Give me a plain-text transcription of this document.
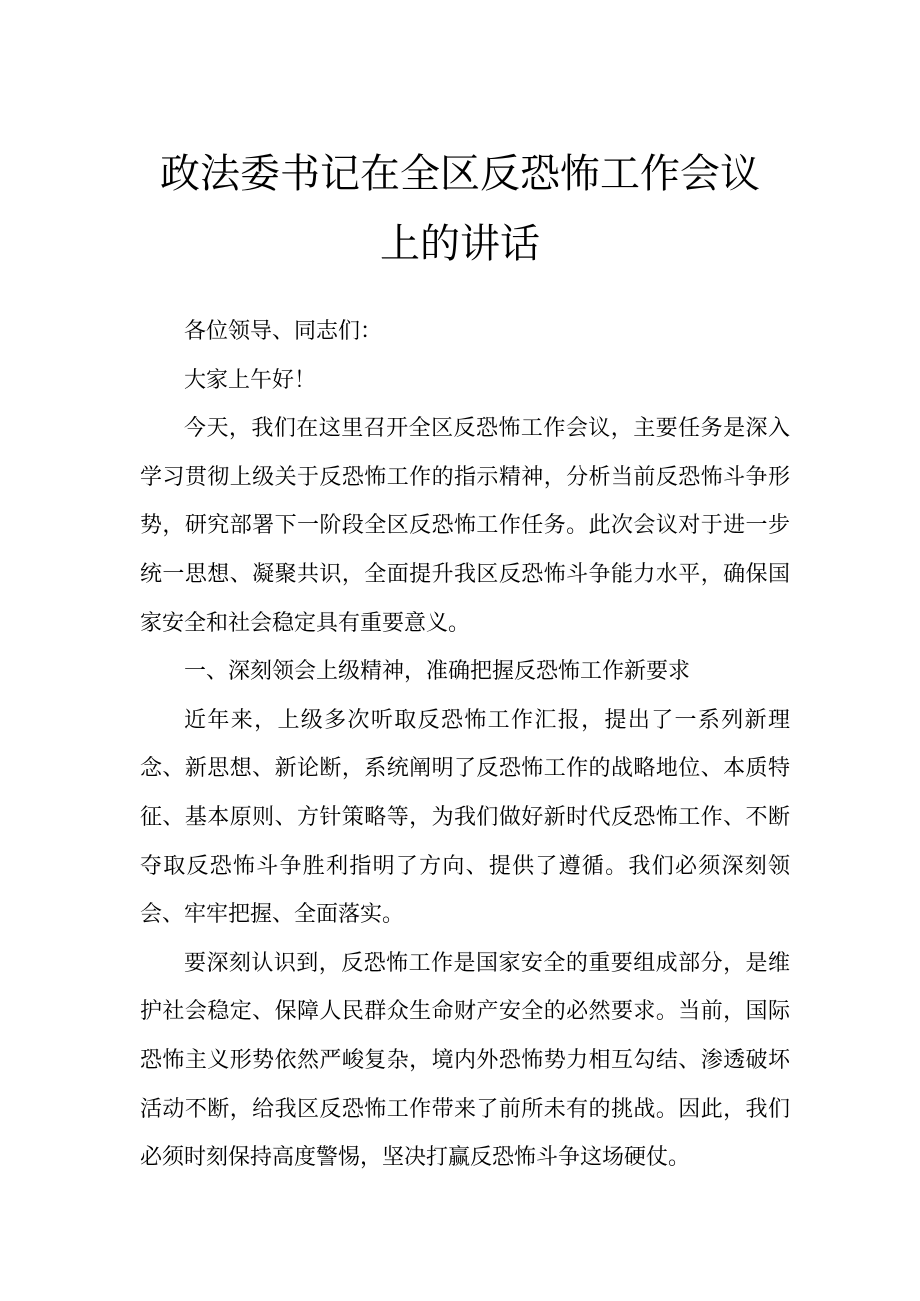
政法委书记在全区反恐怖工作会议
上的讲话

各位领导、同志们：

大家上午好！

今天，我们在这里召开全区反恐怖工作会议，主要任务是深入学习贯彻上级关于反恐怖工作的指示精神，分析当前反恐怖斗争形势，研究部署下一阶段全区反恐怖工作任务。此次会议对于进一步统一思想、凝聚共识，全面提升我区反恐怖斗争能力水平，确保国家安全和社会稳定具有重要意义。

一、深刻领会上级精神，准确把握反恐怖工作新要求

近年来，上级多次听取反恐怖工作汇报，提出了一系列新理念、新思想、新论断，系统阐明了反恐怖工作的战略地位、本质特征、基本原则、方针策略等，为我们做好新时代反恐怖工作、不断夺取反恐怖斗争胜利指明了方向、提供了遵循。我们必须深刻领会、牢牢把握、全面落实。

要深刻认识到，反恐怖工作是国家安全的重要组成部分，是维护社会稳定、保障人民群众生命财产安全的必然要求。当前，国际恐怖主义形势依然严峻复杂，境内外恐怖势力相互勾结、渗透破坏活动不断，给我区反恐怖工作带来了前所未有的挑战。因此，我们必须时刻保持高度警惕，坚决打赢反恐怖斗争这场硬仗。
